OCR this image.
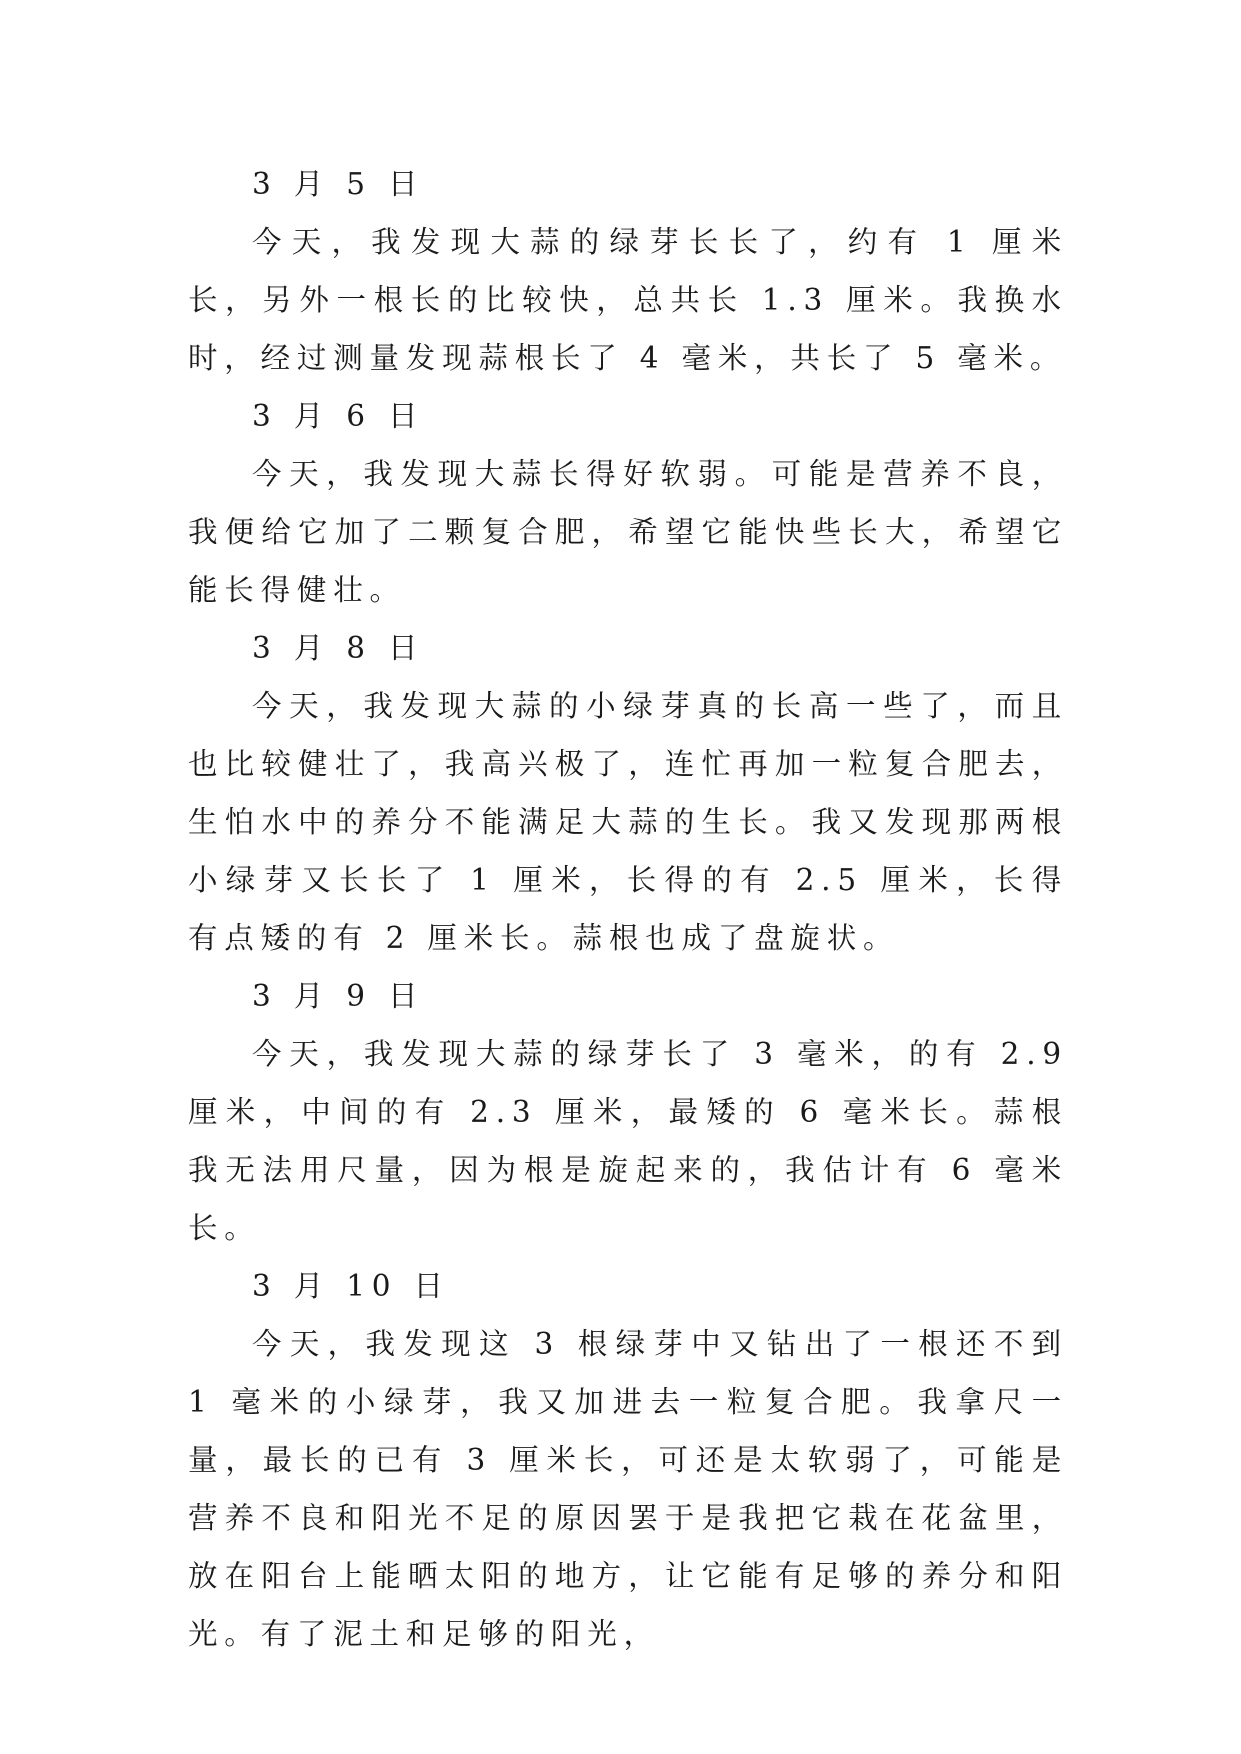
3 月 5 日

今天，我发现大蒜的绿芽长长了，约有 1 厘米长，另外一根长的比较快，总共长 1.3 厘米。我换水时，经过测量发现蒜根长了 4 毫米，共长了 5 毫米。

3 月 6 日

今天，我发现大蒜长得好软弱。可能是营养不良，我便给它加了二颗复合肥，希望它能快些长大，希望它能长得健壮。

3 月 8 日

今天，我发现大蒜的小绿芽真的长高一些了，而且也比较健壮了，我高兴极了，连忙再加一粒复合肥去，生怕水中的养分不能满足大蒜的生长。我又发现那两根小绿芽又长长了 1 厘米，长得的有 2.5 厘米，长得有点矮的有 2 厘米长。蒜根也成了盘旋状。

3 月 9 日

今天，我发现大蒜的绿芽长了 3 毫米，的有 2.9 厘米，中间的有 2.3 厘米，最矮的 6 毫米长。蒜根我无法用尺量，因为根是旋起来的，我估计有 6 毫米长。

3 月 10 日

今天，我发现这 3 根绿芽中又钻出了一根还不到 1 毫米的小绿芽，我又加进去一粒复合肥。我拿尺一量，最长的已有 3 厘米长，可还是太软弱了，可能是营养不良和阳光不足的原因罢于是我把它栽在花盆里，放在阳台上能晒太阳的地方，让它能有足够的养分和阳光。有了泥土和足够的阳光，
